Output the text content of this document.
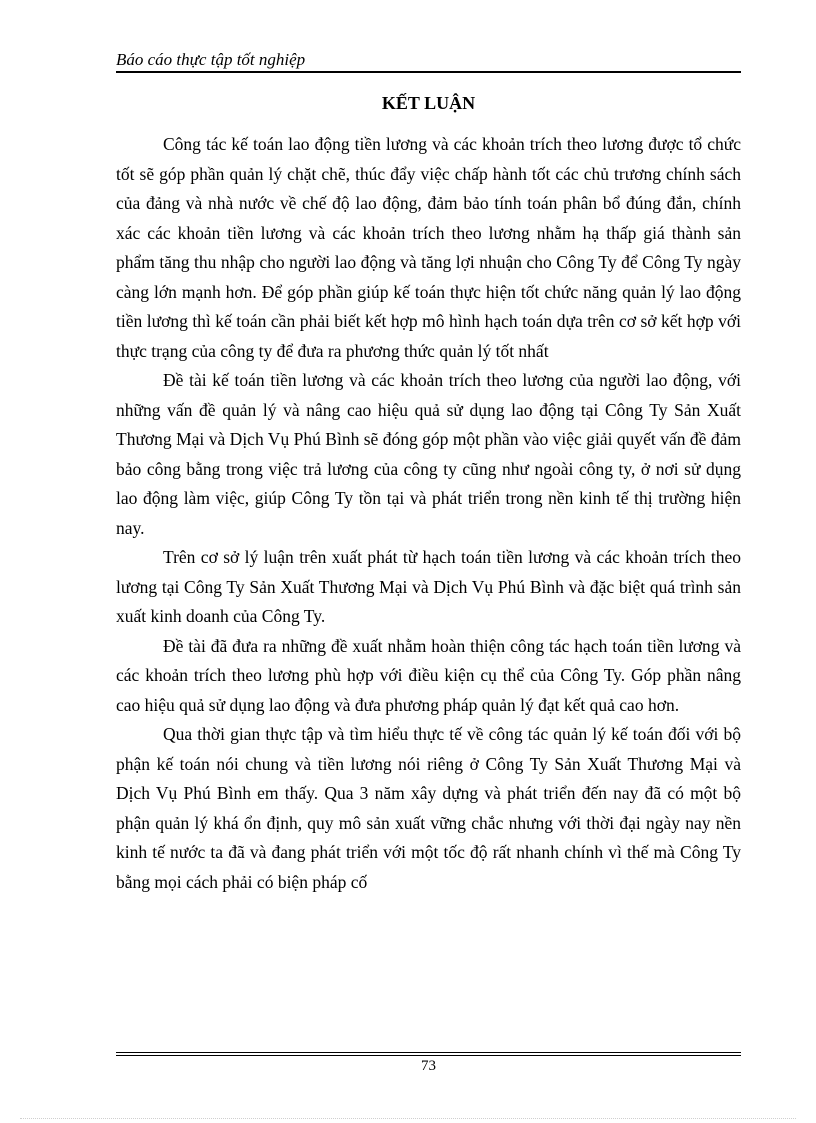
Báo cáo thực tập tốt nghiệp
KẾT LUẬN

Công tác kế toán lao động tiền lương và các khoản trích theo lương được tổ chức tốt sẽ góp phần quản lý chặt chẽ, thúc đẩy việc chấp hành tốt các chủ trương chính sách của đảng và nhà nước về chế độ lao động, đảm bảo tính toán phân bổ đúng đắn, chính xác các khoản tiền lương và các khoản trích theo lương nhằm hạ thấp giá thành sản phẩm tăng thu nhập cho người lao động và tăng lợi nhuận cho Công Ty để Công Ty ngày càng lớn mạnh hơn. Để góp phần giúp kế toán thực hiện tốt chức năng quản lý lao động tiền lương thì kế toán cần phải biết kết hợp mô hình hạch toán dựa trên cơ sở kết hợp với thực trạng của công ty để đưa ra phương thức quản lý tốt nhất

Đề tài kế toán tiền lương và các khoản trích theo lương của người lao động, với những vấn đề quản lý và nâng cao hiệu quả sử dụng lao động tại Công Ty Sản Xuất Thương Mại và Dịch Vụ Phú Bình sẽ đóng góp một phần vào việc giải quyết vấn đề đảm bảo công bằng trong việc trả lương của công ty cũng như ngoài công ty, ở nơi sử dụng lao động làm việc, giúp Công Ty tồn tại và phát triển trong nền kinh tế thị trường hiện nay.

Trên cơ sở lý luận trên xuất phát từ hạch toán tiền lương và các khoản trích theo lương tại Công Ty Sản Xuất Thương Mại và Dịch Vụ Phú Bình và đặc biệt quá trình sản xuất kinh doanh của Công Ty.

Đề tài đã đưa ra những đề xuất nhằm hoàn thiện công tác hạch toán tiền lương và các khoản trích theo lương phù hợp với điều kiện cụ thể của Công Ty. Góp phần nâng cao hiệu quả sử dụng lao động và đưa phương pháp quản lý đạt kết quả cao hơn.

Qua thời gian thực tập và tìm hiểu thực tế về công tác quản lý kế toán đối với bộ phận kế toán nói chung và tiền lương nói riêng ở Công Ty Sản Xuất Thương Mại và Dịch Vụ Phú Bình em thấy. Qua 3 năm xây dựng và phát triển đến nay đã có một bộ phận quản lý khá ổn định, quy mô sản xuất vững chắc nhưng với thời đại ngày nay nền kinh tế nước ta đã và đang phát triển với một tốc độ rất nhanh chính vì thế mà Công Ty bằng mọi cách phải có biện pháp cố

73
